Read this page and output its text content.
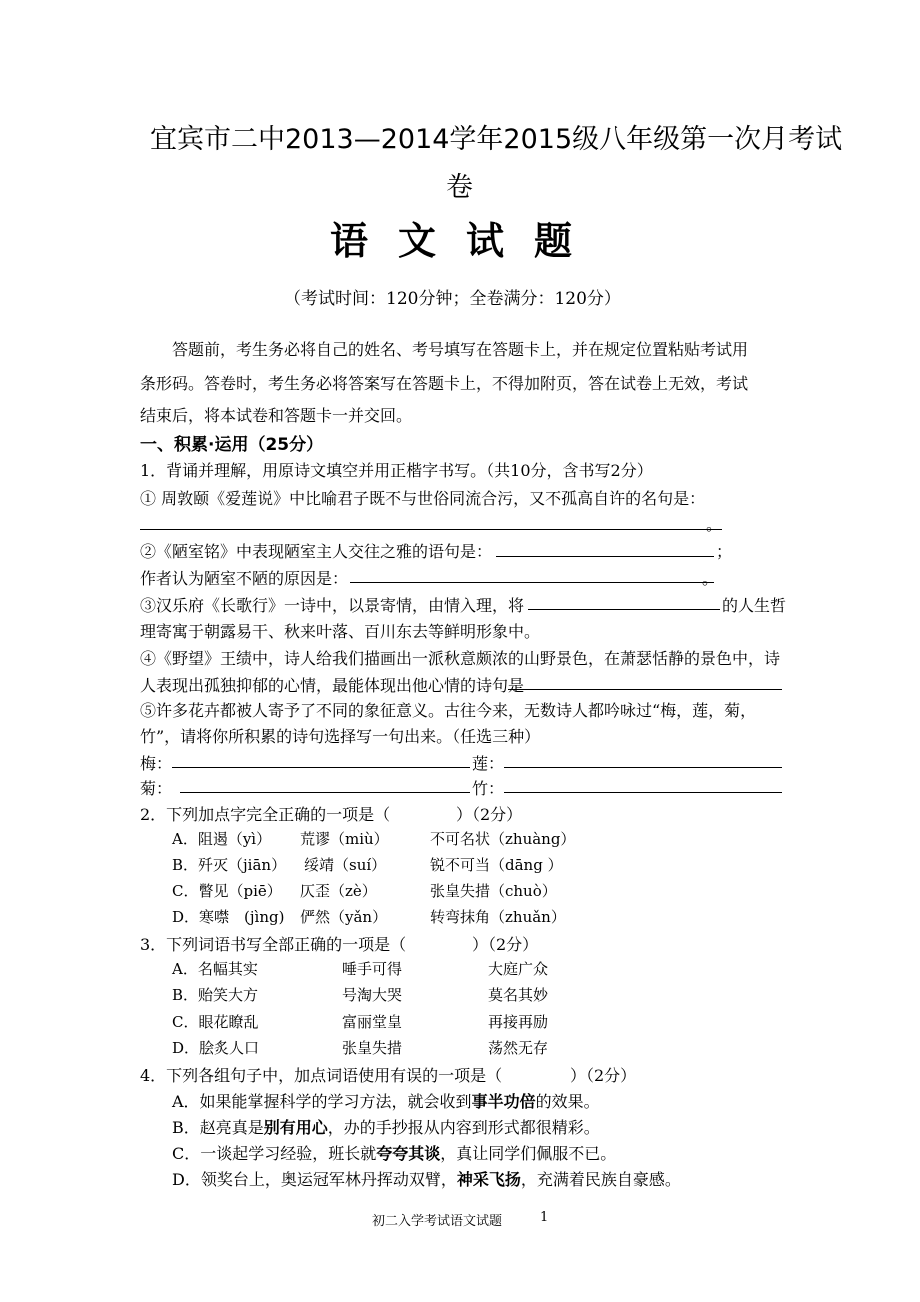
宜宾市二中2013—2014学年2015级八年级第一次月考试
卷
语文试题
（考试时间：120分钟；全卷满分：120分）
答题前，考生务必将自己的姓名、考号填写在答题卡上，并在规定位置粘贴考试用
条形码。答卷时，考生务必将答案写在答题卡上，不得加附页，答在试卷上无效，考试
结束后，将本试卷和答题卡一并交回。
一、积累·运用（25分）
1．背诵并理解，用原诗文填空并用正楷字书写。（共10分，含书写2分）
① 周敦颐《爱莲说》中比喻君子既不与世俗同流合污，又不孤高自许的名句是：
。
②《陋室铭》中表现陋室主人交往之雅的语句是：	；
作者认为陋室不陋的原因是：	。
③汉乐府《长歌行》一诗中，以景寄情，由情入理，将	的人生哲
理寄寓于朝露易干、秋来叶落、百川东去等鲜明形象中。
④《野望》王绩中，诗人给我们描画出一派秋意颇浓的山野景色，在萧瑟恬静的景色中，诗
人表现出孤独抑郁的心情，最能体现出他心情的诗句是
⑤许多花卉都被人寄予了不同的象征意义。古往今来，无数诗人都吟咏过“梅，莲，菊，
竹”，请将你所积累的诗句选择写一句出来。（任选三种）
梅：	莲：
菊：	竹：
2．下列加点字完全正确的一项是（	）（2分）
A．阻遏（yì） 荒谬（miù）	不可名状（zhuàng）
B．歼灭（jiān） 绥靖（suí）	锐不可当（dāng ）
C．瞥见（piē） 仄歪（zè）	张皇失措（chuò）
D．寒噤　(jìng) 俨然（yǎn）	转弯抹角（zhuǎn）
3．下列词语书写全部正确的一项是（	）（2分）
A．名幅其实	唾手可得	大庭广众
B．贻笑大方	号淘大哭	莫名其妙
C．眼花瞭乱	富丽堂皇	再接再励
D．脍炙人口	张皇失措	荡然无存
4．下列各组句子中，加点词语使用有误的一项是（	）（2分）
A．如果能掌握科学的学习方法，就会收到事半功倍的效果。
B．赵亮真是别有用心，办的手抄报从内容到形式都很精彩。
C．一谈起学习经验，班长就夸夸其谈，真让同学们佩服不已。
D．领奖台上，奥运冠军林丹挥动双臂，神采飞扬，充满着民族自豪感。
初二入学考试语文试题	1
